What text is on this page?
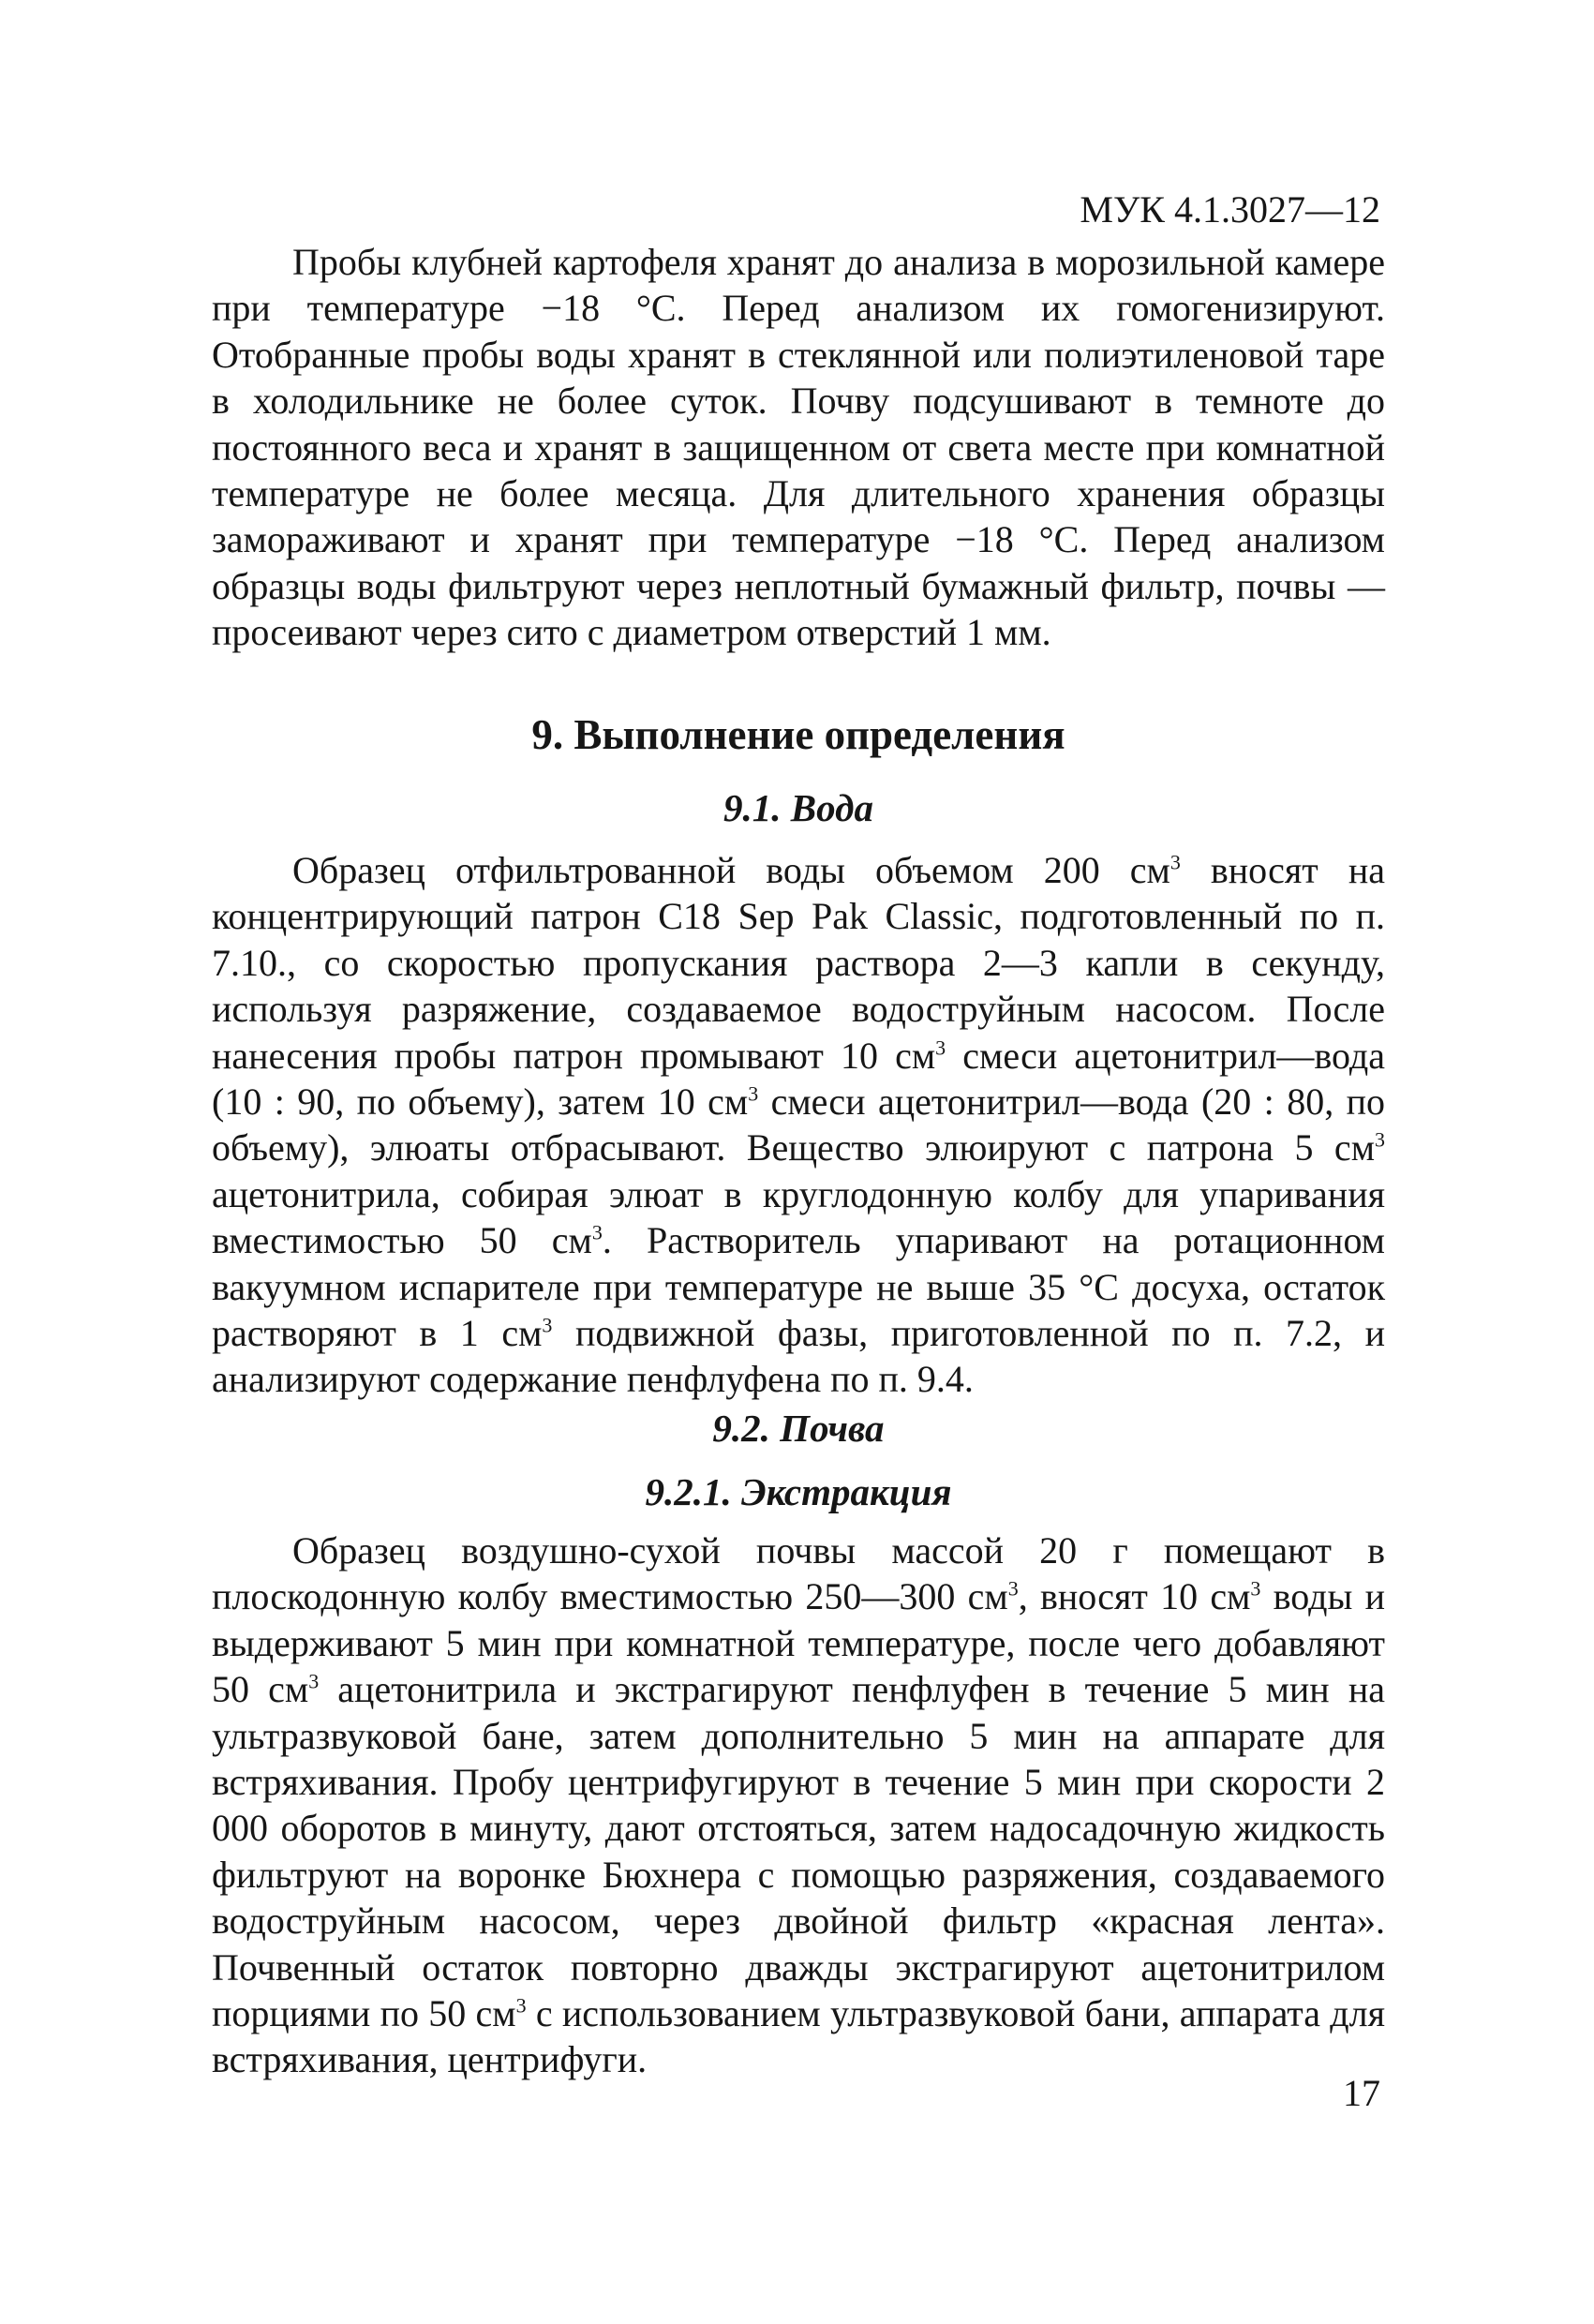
МУК 4.1.3027—12

Пробы клубней картофеля хранят до анализа в морозильной камере при температуре −18 °С. Перед анализом их гомогенизируют. Отобранные пробы воды хранят в стеклянной или полиэтиленовой таре в холодильнике не более суток. Почву подсушивают в темноте до постоянного веса и хранят в защищенном от света месте при комнатной температуре не более месяца. Для длительного хранения образцы замораживают и хранят при температуре −18 °С. Перед анализом образцы воды фильтруют через неплотный бумажный фильтр, почвы — просеивают через сито с диаметром отверстий 1 мм.

9. Выполнение определения
9.1. Вода

Образец отфильтрованной воды объемом 200 $см^3$ вносят на концентрирующий патрон C18 Sep Pak Classic, подготовленный по п. 7.10., со скоростью пропускания раствора 2—3 капли в секунду, используя разряжение, создаваемое водоструйным насосом. После нанесения пробы патрон промывают 10 $см^3$ смеси ацетонитрил—вода (10 : 90, по объему), затем 10 $см^3$ смеси ацетонитрил—вода (20 : 80, по объему), элюаты отбрасывают. Вещество элюируют с патрона 5 $см^3$ ацетонитрила, собирая элюат в круглодонную колбу для упаривания вместимостью 50 $см^3$. Растворитель упаривают на ротационном вакуумном испарителе при температуре не выше 35 °С досуха, остаток растворяют в 1 $см^3$ подвижной фазы, приготовленной по п. 7.2, и анализируют содержание пенфлуфена по п. 9.4.

9.2. Почва
9.2.1. Экстракция

Образец воздушно-сухой почвы массой 20 г помещают в плоскодонную колбу вместимостью 250—300 $см^3$, вносят 10 $см^3$ воды и выдерживают 5 мин при комнатной температуре, после чего добавляют 50 $см^3$ ацетонитрила и экстрагируют пенфлуфен в течение 5 мин на ультразвуковой бане, затем дополнительно 5 мин на аппарате для встряхивания. Пробу центрифугируют в течение 5 мин при скорости 2 000 оборотов в минуту, дают отстояться, затем надосадочную жидкость фильтруют на воронке Бюхнера с помощью разряжения, создаваемого водоструйным насосом, через двойной фильтр «красная лента». Почвенный остаток повторно дважды экстрагируют ацетонитрилом порциями по 50 $см^3$ с использованием ультразвуковой бани, аппарата для встряхивания, центрифуги.

17
